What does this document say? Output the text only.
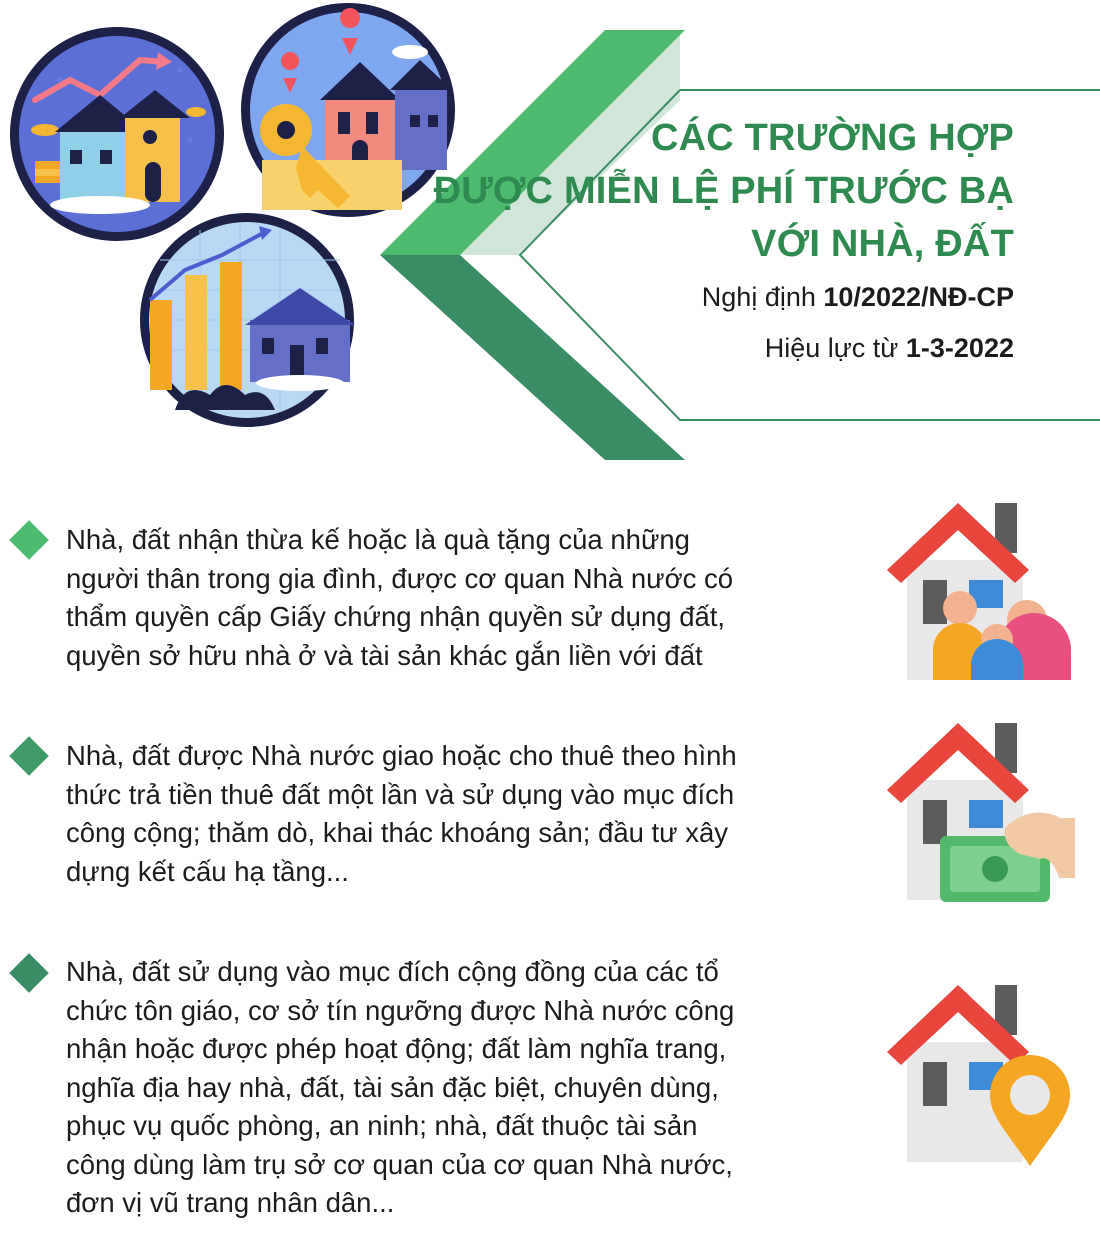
CÁC TRƯỜNG HỢP
ĐƯỢC MIỄN LỆ PHÍ TRƯỚC BẠ
VỚI NHÀ, ĐẤT
Nghị định 10/2022/NĐ-CP
Hiệu lực từ 1-3-2022
Nhà, đất nhận thừa kế hoặc là quà tặng của những
người thân trong gia đình, được cơ quan Nhà nước có
thẩm quyền cấp Giấy chứng nhận quyền sử dụng đất,
quyền sở hữu nhà ở và tài sản khác gắn liền với đất
Nhà, đất được Nhà nước giao hoặc cho thuê theo hình
thức trả tiền thuê đất một lần và sử dụng vào mục đích
công cộng; thăm dò, khai thác khoáng sản; đầu tư xây
dựng kết cấu hạ tầng...
Nhà, đất sử dụng vào mục đích cộng đồng của các tổ
chức tôn giáo, cơ sở tín ngưỡng được Nhà nước công
nhận hoặc được phép hoạt động; đất làm nghĩa trang,
nghĩa địa hay nhà, đất, tài sản đặc biệt, chuyên dùng,
phục vụ quốc phòng, an ninh; nhà, đất thuộc tài sản
công dùng làm trụ sở cơ quan của cơ quan Nhà nước,
đơn vị vũ trang nhân dân...
